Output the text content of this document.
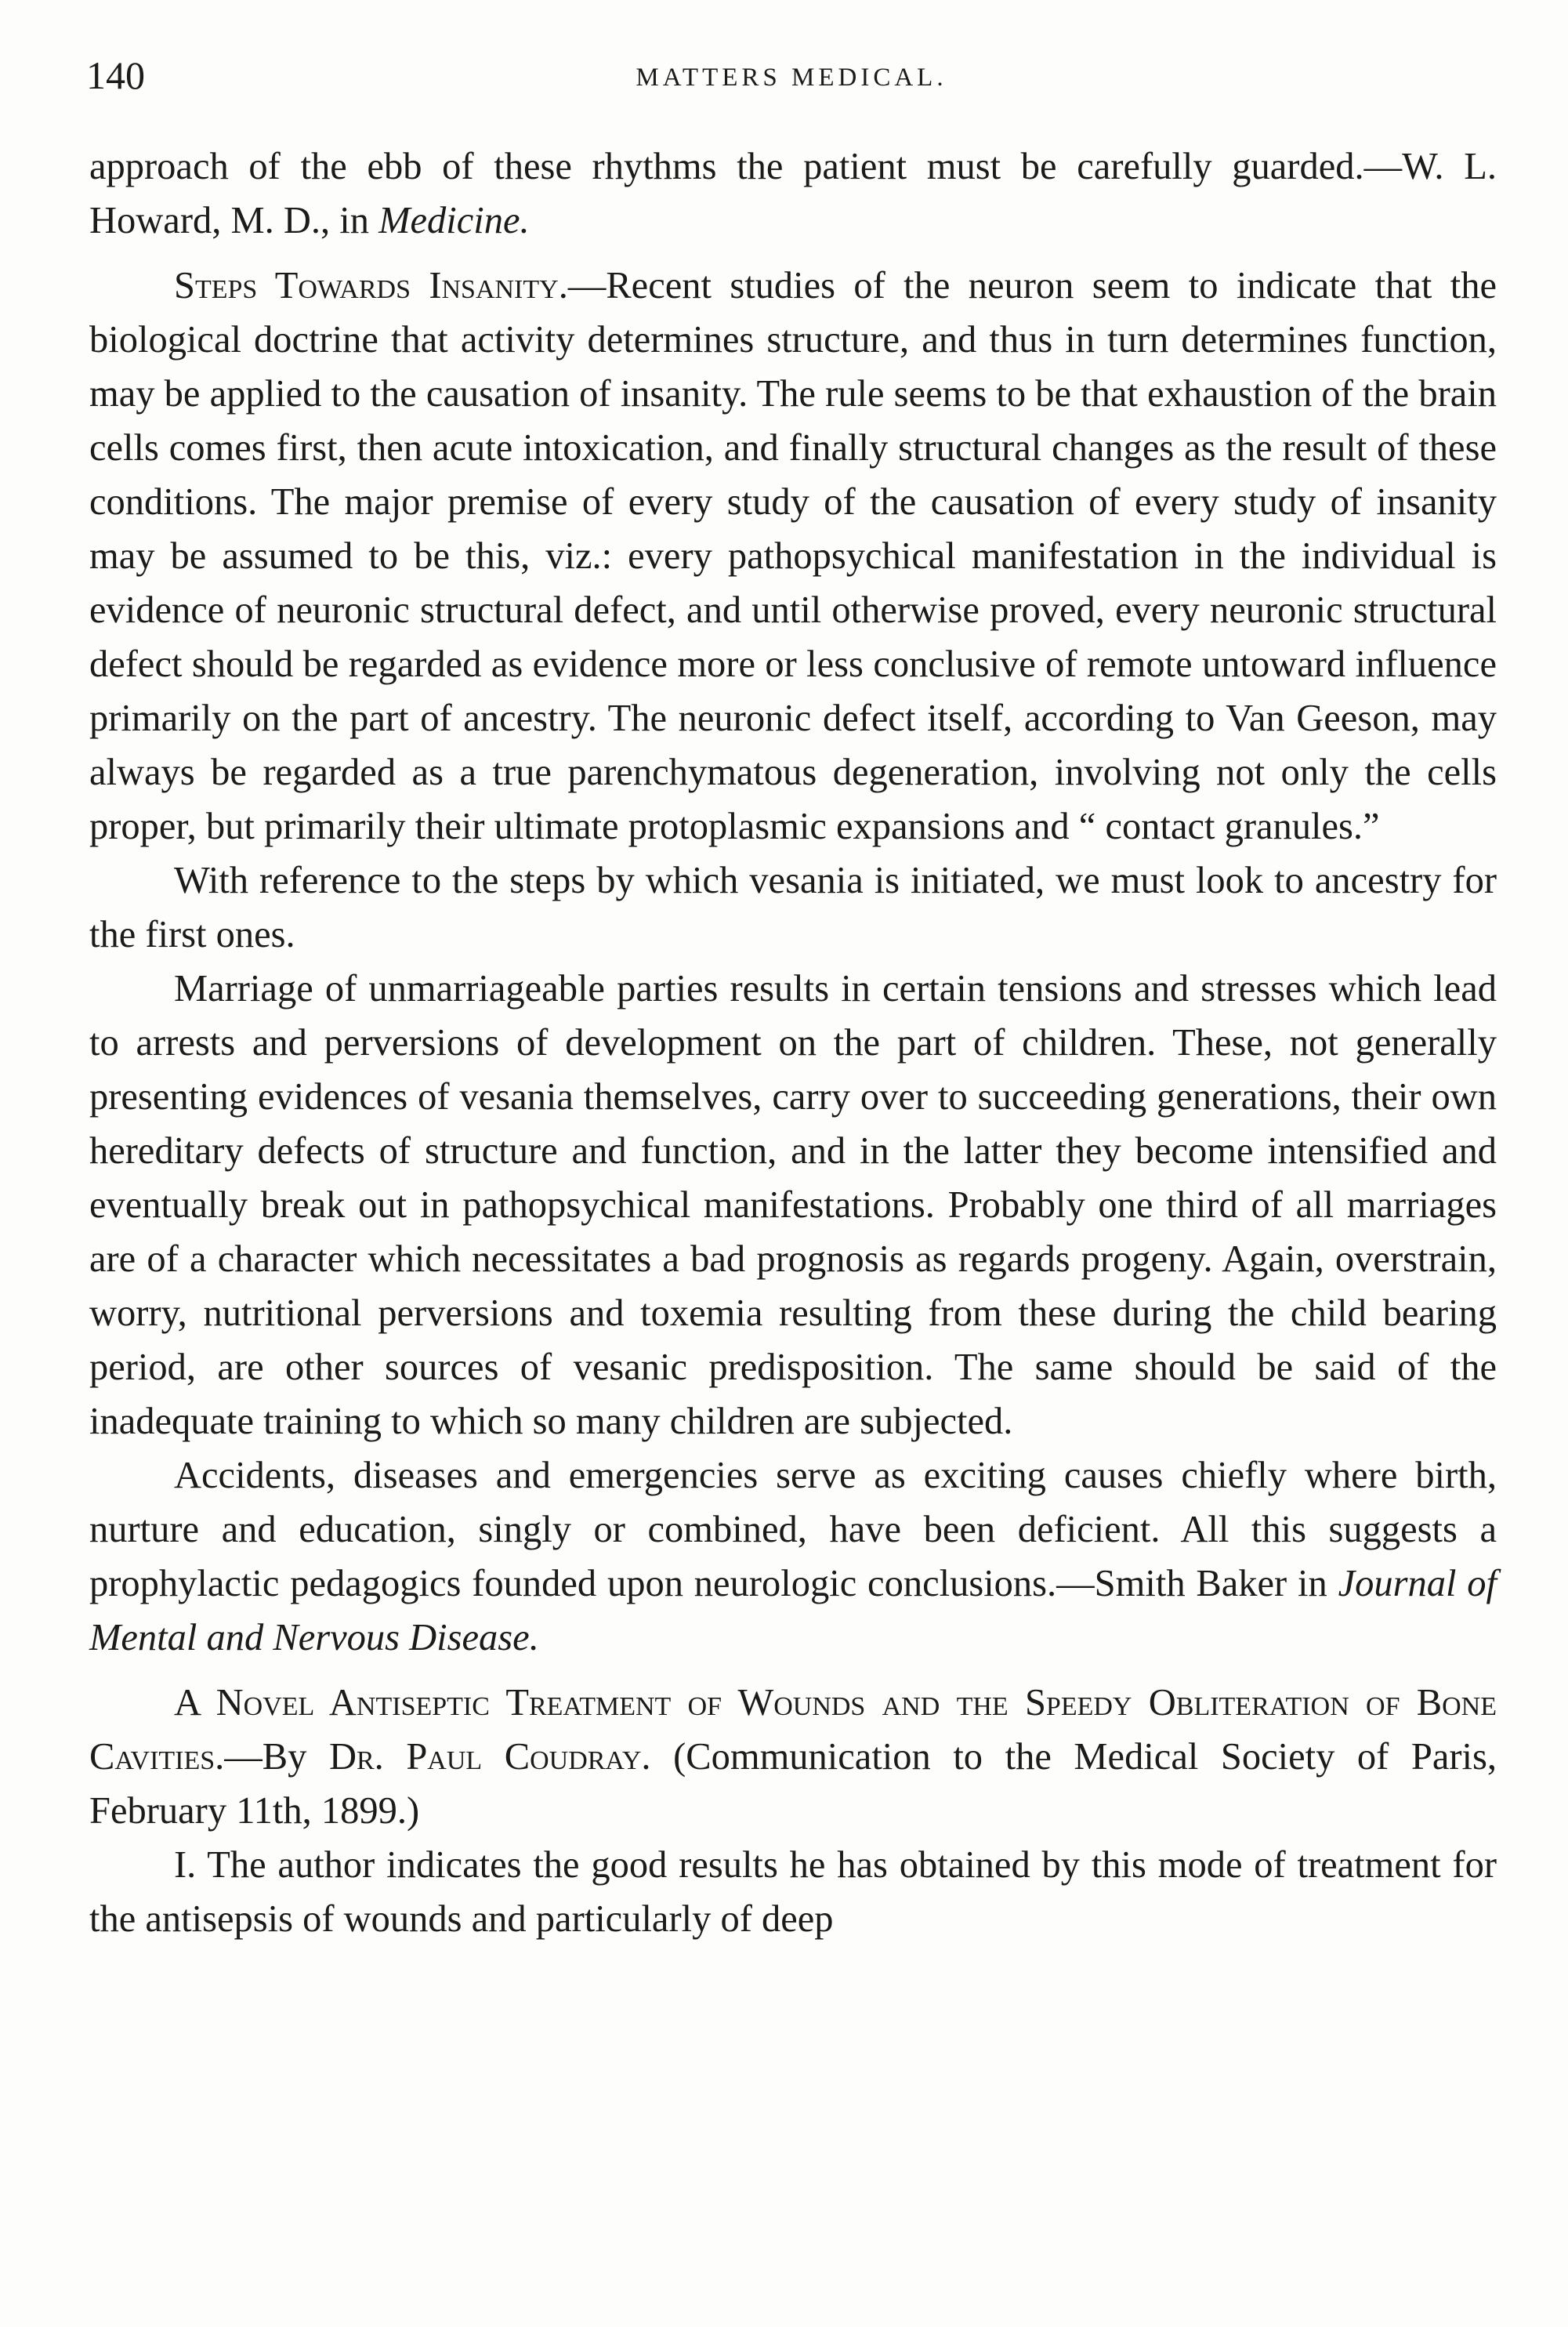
140	MATTERS MEDICAL.

approach of the ebb of these rhythms the patient must be carefully guarded.—W. L. Howard, M. D., in Medicine.

Steps Towards Insanity.—Recent studies of the neuron seem to indicate that the biological doctrine that activity determines structure, and thus in turn determines function, may be applied to the causation of insanity. The rule seems to be that exhaustion of the brain cells comes first, then acute intoxication, and finally structural changes as the result of these conditions. The major premise of every study of the causation of every study of insanity may be assumed to be this, viz.: every pathopsychical manifestation in the individual is evidence of neuronic structural defect, and until otherwise proved, every neuronic structural defect should be regarded as evidence more or less conclusive of remote untoward influence primarily on the part of ancestry. The neuronic defect itself, according to Van Geeson, may always be regarded as a true parenchymatous degeneration, involving not only the cells proper, but primarily their ultimate protoplasmic expansions and “ contact granules.”

With reference to the steps by which vesania is initiated, we must look to ancestry for the first ones.

Marriage of unmarriageable parties results in certain tensions and stresses which lead to arrests and perversions of development on the part of children. These, not generally presenting evidences of vesania themselves, carry over to succeeding generations, their own hereditary defects of structure and function, and in the latter they become intensified and eventually break out in pathopsychical manifestations. Probably one third of all marriages are of a character which necessitates a bad prognosis as regards progeny. Again, overstrain, worry, nutritional perversions and toxemia resulting from these during the child bearing period, are other sources of vesanic predisposition. The same should be said of the inadequate training to which so many children are subjected.

Accidents, diseases and emergencies serve as exciting causes chiefly where birth, nurture and education, singly or combined, have been deficient. All this suggests a prophylactic pedagogics founded upon neurologic conclusions.—Smith Baker in Journal of Mental and Nervous Disease.

A Novel Antiseptic Treatment of Wounds and the Speedy Obliteration of Bone Cavities.—By Dr. Paul Coudray. (Communication to the Medical Society of Paris, February 11th, 1899.)

I. The author indicates the good results he has obtained by this mode of treatment for the antisepsis of wounds and particularly of deep
